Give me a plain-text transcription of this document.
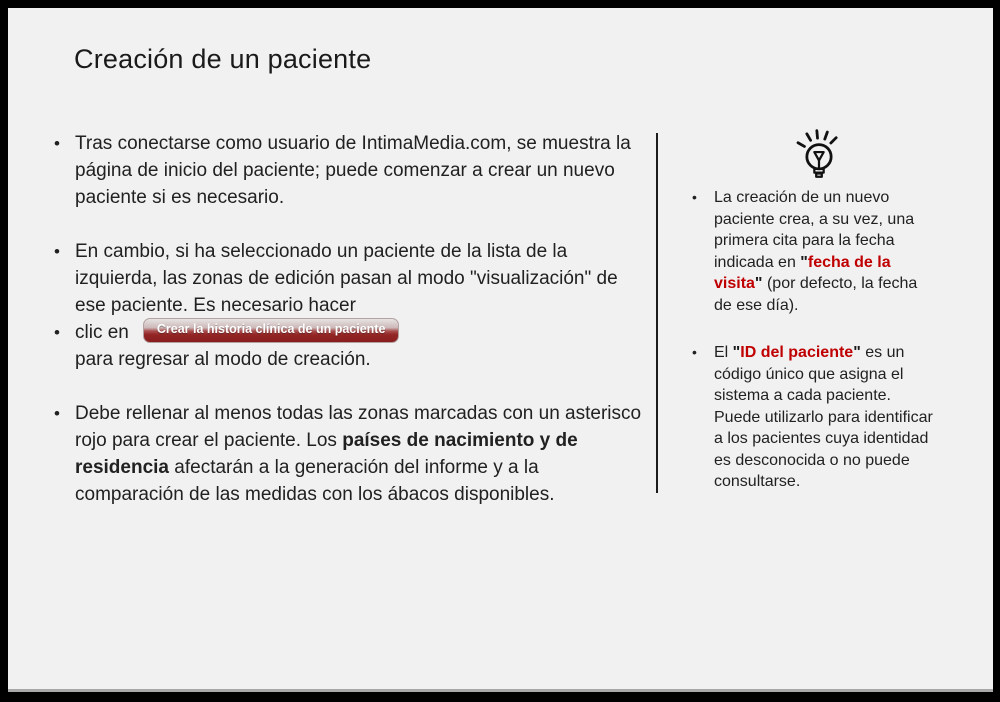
Creación de un paciente
• Tras conectarse como usuario de IntimaMedia.com, se muestra la página de inicio del paciente; puede comenzar a crear un nuevo paciente si es necesario.
• En cambio, si ha seleccionado un paciente de la lista de la izquierda, las zonas de edición pasan al modo "visualización" de ese paciente. Es necesario hacer
• clic en Crear la historia clínica de un paciente
para regresar al modo de creación.
• Debe rellenar al menos todas las zonas marcadas con un asterisco rojo para crear el paciente. Los países de nacimiento y de residencia afectarán a la generación del informe y a la comparación de las medidas con los ábacos disponibles.
•	La creación de un nuevo paciente crea, a su vez, una primera cita para la fecha indicada en "fecha de la visita" (por defecto, la fecha de ese día).
•	El "ID del paciente" es un código único que asigna el sistema a cada paciente. Puede utilizarlo para identificar a los pacientes cuya identidad es desconocida o no puede consultarse.
